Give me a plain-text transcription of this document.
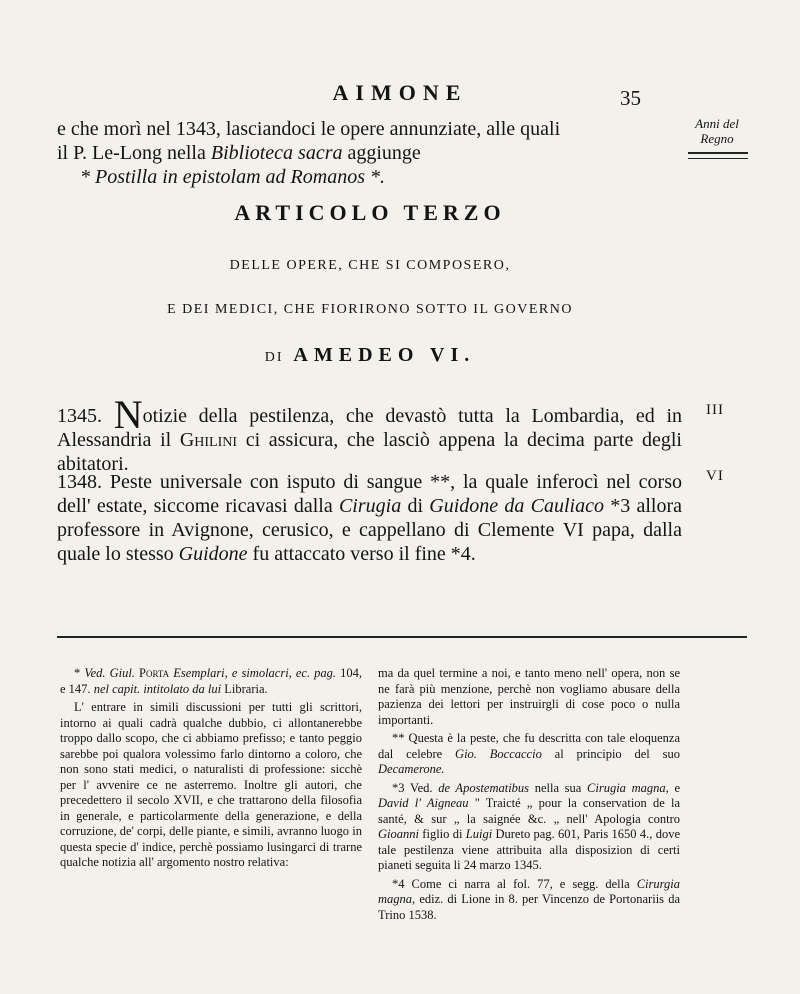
AIMONE	35
Anni del Regno
III
VI
e che morì nel 1343, lasciandoci le opere annunziate, alle quali
il P. Le-Long nella Biblioteca sacra aggiunge
* Postilla in epistolam ad Romanos *.
ARTICOLO TERZO
DELLE OPERE, CHE SI COMPOSERO,
E DEI MEDICI, CHE FIORIRONO SOTTO IL GOVERNO
DI AMEDEO VI.
1345. Notizie della pestilenza, che devastò tutta la Lombardia, ed in Alessandria il Ghilini ci assicura, che lasciò appena la decima parte degli abitatori.
1348. Peste universale con isputo di sangue **, la quale inferocì nel corso dell' estate, siccome ricavasi dalla Cirugia di Guidone da Cauliaco *3 allora professore in Avignone, cerusico, e cappellano di Clemente VI papa, dalla quale lo stesso Guidone fu attaccato verso il fine *4.

* Ved. Giul. Porta Esemplari, e simolacri, ec. pag. 104, e 147. nel capit. intitolato da lui Libraria.

L' entrare in simili discussioni per tutti gli scrittori, intorno ai quali cadrà qualche dubbio, ci allontanerebbe troppo dallo scopo, che ci abbiamo prefisso; e tanto peggio sarebbe poi qualora volessimo farlo dintorno a coloro, che non sono stati medici, o naturalisti di professione: sicchè per l' avvenire ce ne asterremo. Inoltre gli autori, che precedettero il secolo XVII, e che trattarono della filosofia in generale, e particolarmente della generazione, e della corruzione, de' corpi, delle piante, e simili, avranno luogo in questa specie d' indice, perchè possiamo lusingarci di trarne qualche notizia all' argomento nostro relativa:

ma da quel termine a noi, e tanto meno nell' opera, non se ne farà più menzione, perchè non vogliamo abusare della pazienza dei lettori per instruirgli di cose poco o nulla importanti.

** Questa è la peste, che fu descritta con tale eloquenza dal celebre Gio. Boccaccio al principio del suo Decamerone.

*3 Ved. de Apostematibus nella sua Cirugia magna, e David l' Aigneau " Traicté „ pour la conservation de la santé, & sur „ la saignée &c. „ nell' Apologia contro Gioanni figlio di Luigi Dureto pag. 601, Paris 1650 4., dove tale pestilenza viene attribuita alla disposizion di certi pianeti seguita li 24 marzo 1345.

*4 Come ci narra al fol. 77, e segg. della Cirurgia magna, ediz. di Lione in 8. per Vincenzo de Portonariis da Trino 1538.
